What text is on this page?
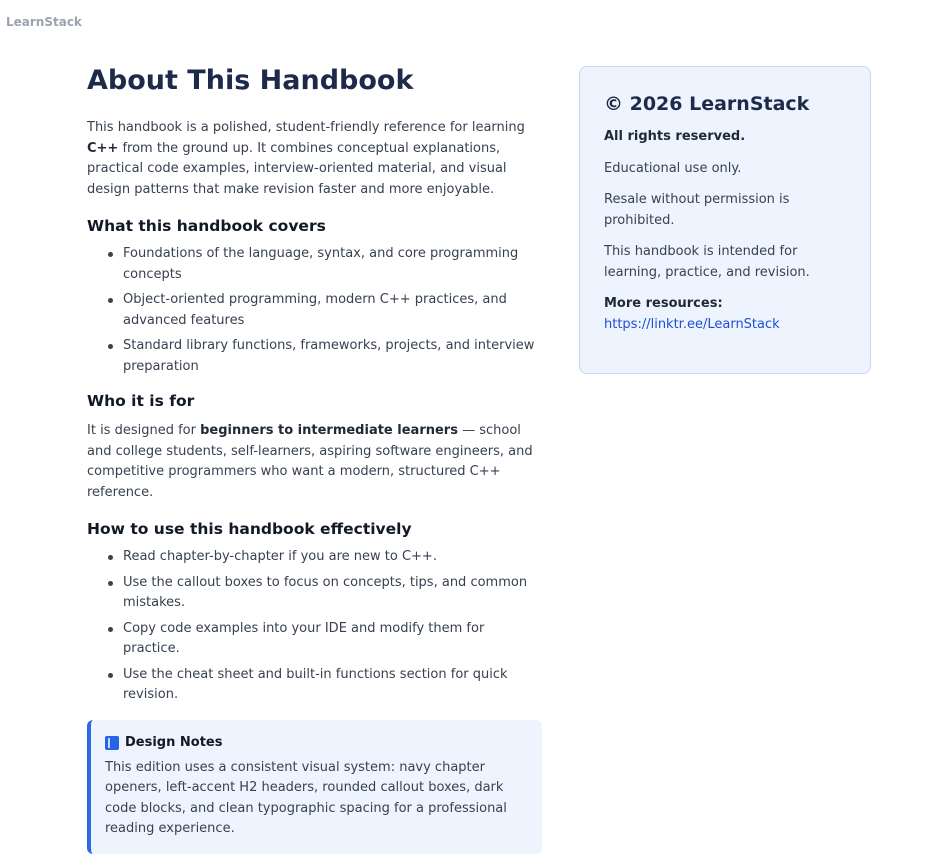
LearnStack
About This Handbook

This handbook is a polished, student-friendly reference for learning C++ from the ground up. It combines conceptual explanations, practical code examples, interview-oriented material, and visual design patterns that make revision faster and more enjoyable.

What this handbook covers
Foundations of the language, syntax, and core programming concepts
Object-oriented programming, modern C++ practices, and advanced features
Standard library functions, frameworks, projects, and interview preparation
Who it is for

It is designed for beginners to intermediate learners — school and college students, self-learners, aspiring software engineers, and competitive programmers who want a modern, structured C++ reference.

How to use this handbook effectively
Read chapter-by-chapter if you are new to C++.
Use the callout boxes to focus on concepts, tips, and common mistakes.
Copy code examples into your IDE and modify them for practice.
Use the cheat sheet and built-in functions section for quick revision.
Design Notes

This edition uses a consistent visual system: navy chapter openers, left-accent H2 headers, rounded callout boxes, dark code blocks, and clean typographic spacing for a professional reading experience.

© 2026 LearnStack

All rights reserved.

Educational use only.

Resale without permission is prohibited.

This handbook is intended for learning, practice, and revision.

More resources:
https://linktr.ee/LearnStack
